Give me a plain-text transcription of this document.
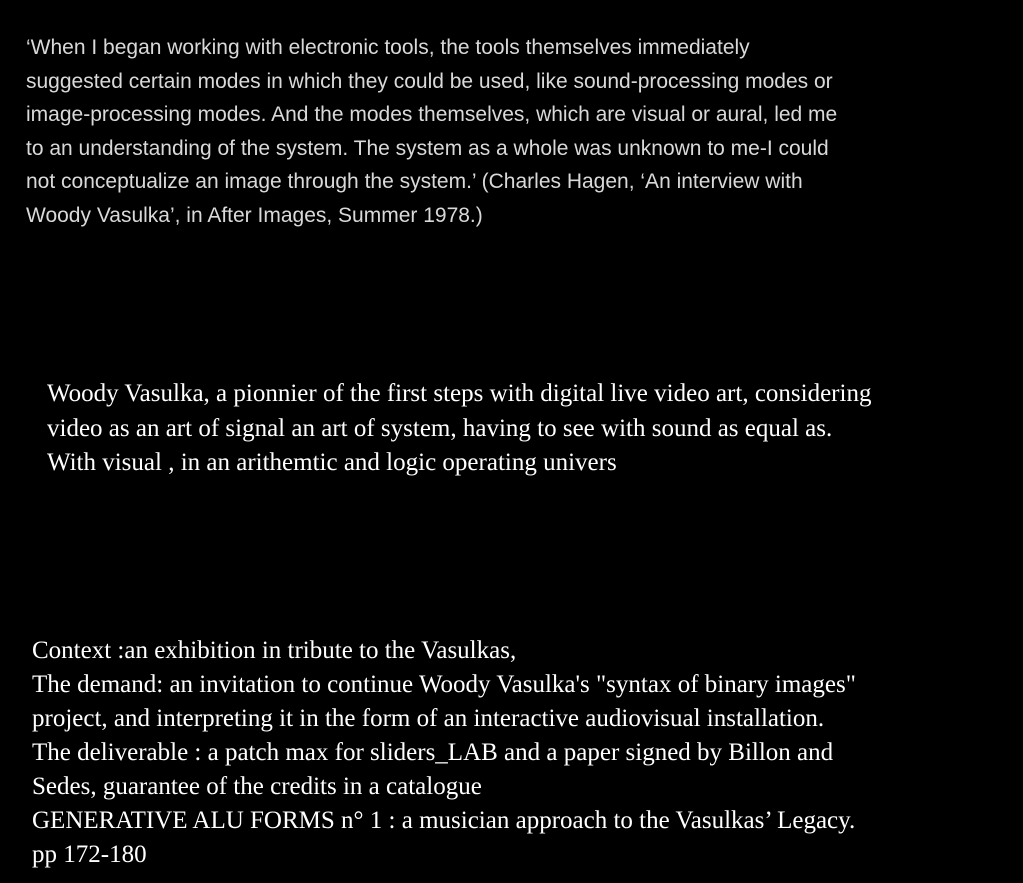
‘When I began working with electronic tools, the tools themselves immediately
suggested certain modes in which they could be used, like sound-processing modes or
image-processing modes. And the modes themselves, which are visual or aural, led me
to an understanding of the system. The system as a whole was unknown to me-I could
not conceptualize an image through the system.’ (Charles Hagen, ‘An interview with
Woody Vasulka’, in After Images, Summer 1978.)
Woody Vasulka, a pionnier of the first steps with digital live video art, considering
video as an art of signal an art of system, having to see with sound as equal as.
With visual , in an arithemtic and logic operating univers
Context :an exhibition in tribute to the Vasulkas,
The demand: an invitation to continue Woody Vasulka's "syntax of binary images"
project, and interpreting it in the form of an interactive audiovisual installation.
The deliverable : a patch max for sliders_LAB and a paper signed by Billon and
Sedes, guarantee of the credits in a catalogue
GENERATIVE ALU FORMS n° 1 : a musician approach to the Vasulkas’ Legacy.
pp 172-180
